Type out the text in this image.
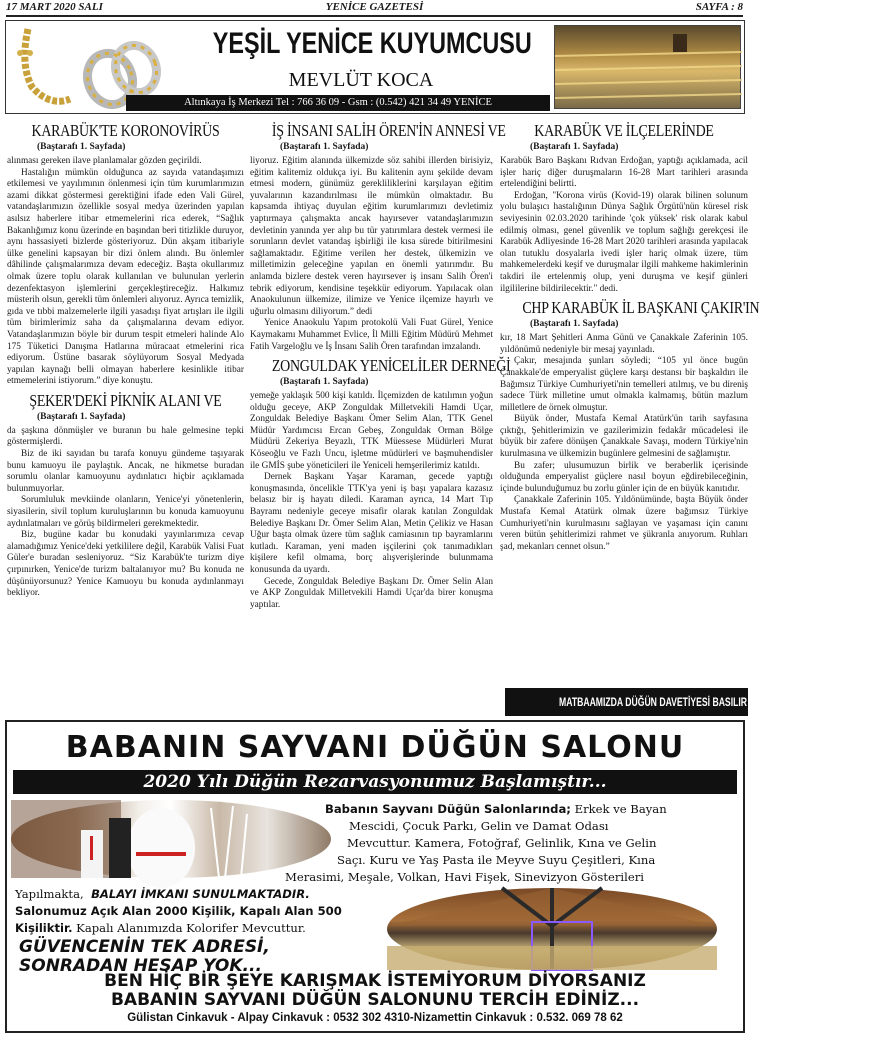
17 MART 2020 SALI	YENİCE GAZETESİ	SAYFA : 8
YEŞİL YENİCE KUYUMCUSU
MEVLÜT KOCA
Altınkaya İş Merkezi Tel : 766 36 09 - Gsm : (0.542) 421 34 49 YENİCE
KARABÜK'TE KORONOVİRÜS
(Baştarafı 1. Sayfada)

alınması gereken ilave planlamalar gözden geçirildi.

Hastalığın mümkün olduğunca az sayıda vatandaşımızı etkilemesi ve yayılımının önlenmesi için tüm kurumlarımızın azami dikkat göstermesi gerektiğini ifade eden Vali Gürel, vatandaşlarımızın özellikle sosyal medya üzerinden yapılan asılsız haberlere itibar etmemelerini rica ederek, “Sağlık Bakanlığımız konu üzerinde en başından beri titizlikle duruyor, aynı hassasiyeti bizlerde gösteriyoruz. Dün akşam itibariyle ülke genelini kapsayan bir dizi önlem alındı. Bu önlemler dâhilinde çalışmalarımıza devam edeceğiz. Başta okullarımız olmak üzere toplu olarak kullanılan ve bulunulan yerlerin dezenfektasyon işlemlerini gerçekleştireceğiz. Halkımız müsterih olsun, gerekli tüm önlemleri alıyoruz. Ayrıca temizlik, gıda ve tıbbi malzemelerle ilgili yasadışı fiyat artışları ile ilgili tüm birimlerimiz saha da çalışmalarına devam ediyor. Vatandaşlarımızın böyle bir durum tespit etmeleri halinde Alo 175 Tüketici Danışma Hatlarına müracaat etmelerini rica ediyorum. Üstüne basarak söylüyorum Sosyal Medyada yapılan kaynağı belli olmayan haberlere kesinlikle itibar etmemelerini istiyorum.” diye konuştu.

ŞEKER'DEKİ PİKNİK ALANI VE
(Baştarafı 1. Sayfada)

da şaşkına dönmüşler ve buranın bu hale gelmesine tepki göstermişlerdi.

Biz de iki sayıdan bu tarafa konuyu gündeme taşıyarak bunu kamuoyu ile paylaştık. Ancak, ne hikmetse buradan sorumlu olanlar kamuoyunu aydınlatıcı hiçbir açıklamada bulunmuyorlar.

Sorumluluk mevkiinde olanların, Yenice'yi yönetenlerin, siyasilerin, sivil toplum kuruluşlarının bu konuda kamuoyunu aydınlatmaları ve görüş bildirmeleri gerekmektedir.

Biz, bugüne kadar bu konudaki yayınlarımıza cevap alamadığımız Yenice'deki yetkililere değil, Karabük Valisi Fuat Güler'e buradan sesleniyoruz. “Siz Karabük'te turizm diye çırpınırken, Yenice'de turizm baltalanıyor mu? Bu konuda ne düşünüyorsunuz? Yenice Kamuoyu bu konuda aydınlanmayı bekliyor.

İŞ İNSANI SALİH ÖREN'İN ANNESİ VE
(Baştarafı 1. Sayfada)

liyoruz. Eğitim alanında ülkemizde söz sahibi illerden birisiyiz, eğitim kalitemiz oldukça iyi. Bu kalitenin aynı şekilde devam etmesi modern, günümüz gerekliliklerini karşılayan eğitim yuvalarının kazandırılması ile mümkün olmaktadır. Bu kapsamda ihtiyaç duyulan eğitim kurumlarımızı devletimiz yaptırmaya çalışmakta ancak hayırsever vatandaşlarımızın devletinin yanında yer alıp bu tür yatırımlara destek vermesi ile sorunların devlet vatandaş işbirliği ile kısa sürede bitirilmesini sağlamaktadır. Eğitime verilen her destek, ülkemizin ve milletimizin geleceğine yapılan en önemli yatırımdır. Bu anlamda bizlere destek veren hayırsever iş insanı Salih Ören'i tebrik ediyorum, kendisine teşekkür ediyorum. Yapılacak olan Anaokulunun ülkemize, ilimize ve Yenice ilçemize hayırlı ve uğurlu olmasını diliyorum.” dedi

Yenice Anaokulu Yapım protokolü Vali Fuat Gürel, Yenice Kaymakamı Muhammet Evlice, İl Milli Eğitim Müdürü Mehmet Fatih Vargeloğlu ve İş İnsanı Salih Ören tarafından imzalandı.

ZONGULDAK YENİCELİLER DERNEĞİ
(Baştarafı 1. Sayfada)

yemeğe yaklaşık 500 kişi katıldı. İlçemizden de katılımın yoğun olduğu geceye, AKP Zonguldak Milletvekili Hamdi Uçar, Zonguldak Belediye Başkanı Ömer Selim Alan, TTK Genel Müdür Yardımcısı Ercan Gebeş, Zonguldak Orman Bölge Müdürü Zekeriya Beyazlı, TTK Müessese Müdürleri Murat Köseoğlu ve Fazlı Uncu, işletme müdürleri ve başmuhendisler ile GMİS şube yöneticileri ile Yeniceli hemşerilerimiz katıldı.

Dernek Başkanı Yaşar Karaman, gecede yaptığı konuşmasında, öncelikle TTK'ya yeni iş başı yapalara kazasız belasız bir iş hayatı diledi. Karaman ayrıca, 14 Mart Tıp Bayramı nedeniyle geceye misafir olarak katılan Zonguldak Belediye Başkanı Dr. Ömer Selim Alan, Metin Çelikiz ve Hasan Uğur başta olmak üzere tüm sağlık camiasının tıp bayramlarını kutladı. Karaman, yeni maden işçilerini çok tanımadıkları kişilere kefil olmama, borç alışverişlerinde bulunmama konusunda da uyardı.

Gecede, Zonguldak Belediye Başkanı Dr. Ömer Selin Alan ve AKP Zonguldak Milletvekili Hamdi Uçar'da birer konuşma yaptılar.

KARABÜK VE İLÇELERİNDE
(Baştarafı 1. Sayfada)

Karabük Baro Başkanı Rıdvan Erdoğan, yaptığı açıklamada, acil işler hariç diğer duruşmaların 16-28 Mart tarihleri arasında ertelendiğini belirtti.

Erdoğan, "Korona virüs (Kovid-19) olarak bilinen solunum yolu bulaşıcı hastalığının Dünya Sağlık Örgütü'nün küresel risk seviyesinin 02.03.2020 tarihinde 'çok yüksek' risk olarak kabul edilmiş olması, genel güvenlik ve toplum sağlığı gerekçesi ile Karabük Adliyesinde 16-28 Mart 2020 tarihleri arasında yapılacak olan tutuklu dosyalarla ivedi işler hariç olmak üzere, tüm mahkemelerdeki keşif ve duruşmalar ilgili mahkeme hakimlerinin takdiri ile ertelenmiş olup, yeni duruşma ve keşif günleri ilgililerine bildirilecektir." dedi.

CHP KARABÜK İL BAŞKANI ÇAKIR'IN
(Baştarafı 1. Sayfada)

kır, 18 Mart Şehitleri Anma Günü ve Çanakkale Zaferinin 105. yıldönümü nedeniyle bir mesaj yayınladı.

Çakır, mesajında şunları söyledi; “105 yıl önce bugün Çanakkale'de emperyalist güçlere karşı destansı bir başkaldırı ile Bağımsız Türkiye Cumhuriyeti'nin temelleri atılmış, ve bu direniş sadece Türk milletine umut olmakla kalmamış, bütün mazlum milletlere de örnek olmuştur.

Büyük önder, Mustafa Kemal Atatürk'ün tarih sayfasına çıktığı, Şehitlerimizin ve gazilerimizin fedakâr mücadelesi ile büyük bir zafere dönüşen Çanakkale Savaşı, modern Türkiye'nin kurulmasına ve ülkemizin bugünlere gelmesini de sağlamıştır.

Bu zafer; ulusumuzun birlik ve beraberlik içerisinde olduğunda emperyalist güçlere nasıl boyun eğdirebileceğinin, içinde bulunduğumuz bu zorlu günler için de en büyük kanıtıdır.

Çanakkale Zaferinin 105. Yıldönümünde, başta Büyük önder Mustafa Kemal Atatürk olmak üzere bağımsız Türkiye Cumhuriyeti'nin kurulmasını sağlayan ve yaşaması için canını veren bütün şehitlerimizi rahmet ve şükranla anıyorum. Ruhları şad, mekanları cennet olsun.”

MATBAAMIZDA DÜĞÜN DAVETİYESİ BASILIR TEL:(0.370) 766 12 02
BABANIN SAYVANI DÜĞÜN SALONU
2020 Yılı Düğün Rezarvasyonumuz Başlamıştır...
Babanın Sayvanı Düğün Salonlarında; Erkek ve Bayan
Mescidi, Çocuk Parkı, Gelin ve Damat Odası
Mevcuttur. Kamera, Fotoğraf, Gelinlik, Kına ve Gelin
Saçı. Kuru ve Yaş Pasta ile Meyve Suyu Çeşitleri, Kına
Merasimi, Meşale, Volkan, Havi Fişek, Sinevizyon Gösterileri
Yapılmakta, BALAYI İMKANI SUNULMAKTADIR.
Salonumuz Açık Alan 2000 Kişilik, Kapalı Alan 500
Kişiliktir. Kapalı Alanımızda Kolorifer Mevcuttur.
GÜVENCENİN TEK ADRESİ,
SONRADAN HESAP YOK...
BEN HİÇ BİR ŞEYE KARIŞMAK İSTEMİYORUM DİYORSANIZ
BABANIN SAYVANI DÜĞÜN SALONUNU TERCİH EDİNİZ...
Gülistan Cinkavuk - Alpay Cinkavuk : 0532 302 4310-Nizamettin Cinkavuk : 0.532. 069 78 62
